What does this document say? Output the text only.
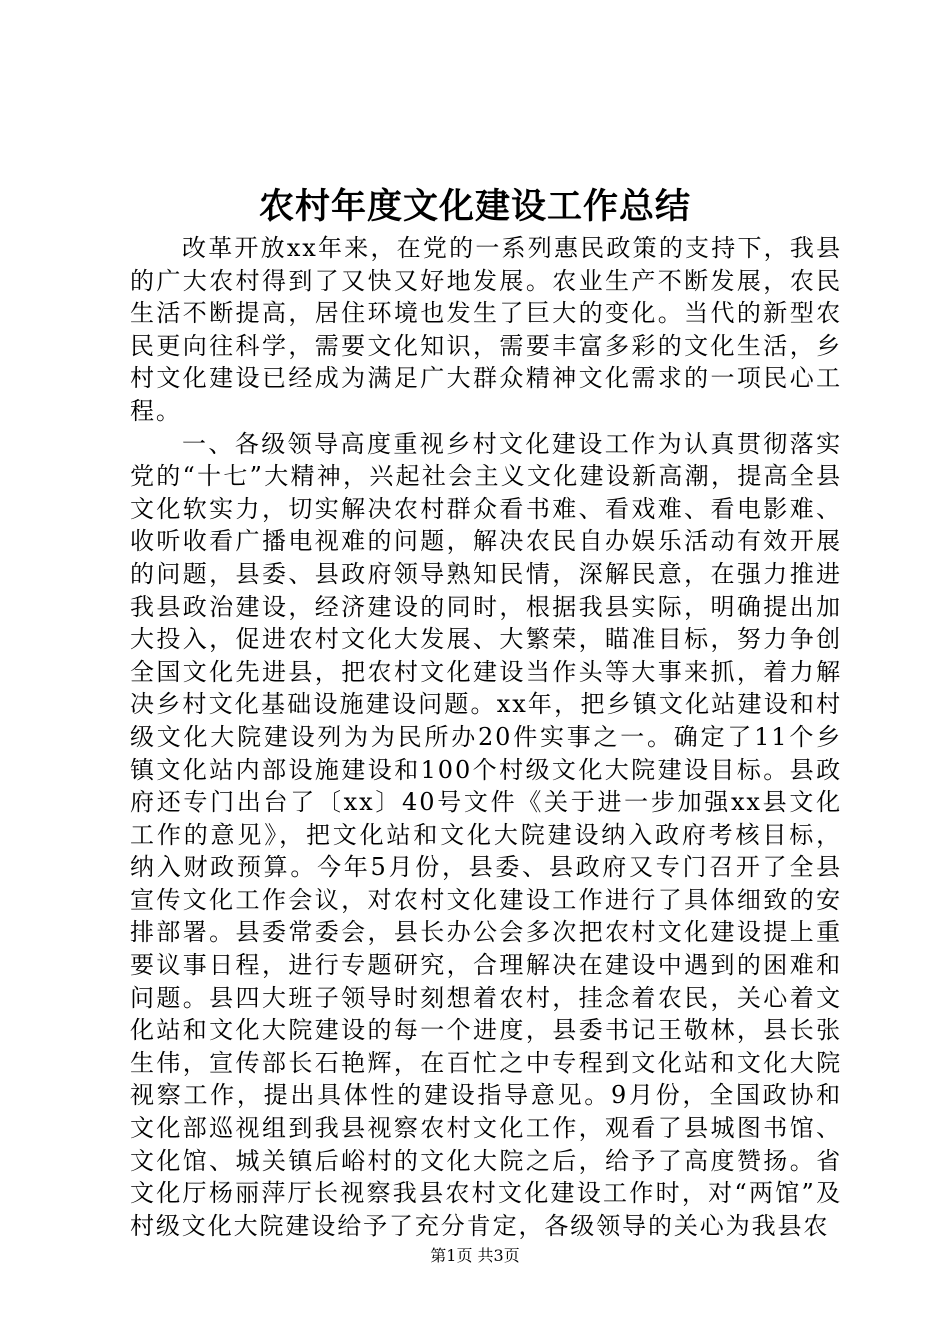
农村年度文化建设工作总结

改革开放xx年来，在党的一系列惠民政策的支持下，我县的广大农村得到了又快又好地发展。农业生产不断发展，农民生活不断提高，居住环境也发生了巨大的变化。当代的新型农民更向往科学，需要文化知识，需要丰富多彩的文化生活，乡村文化建设已经成为满足广大群众精神文化需求的一项民心工程。

一、各级领导高度重视乡村文化建设工作为认真贯彻落实党的“十七”大精神，兴起社会主义文化建设新高潮，提高全县文化软实力，切实解决农村群众看书难、看戏难、看电影难、收听收看广播电视难的问题，解决农民自办娱乐活动有效开展的问题，县委、县政府领导熟知民情，深解民意，在强力推进我县政治建设，经济建设的同时，根据我县实际，明确提出加大投入，促进农村文化大发展、大繁荣，瞄准目标，努力争创全国文化先进县，把农村文化建设当作头等大事来抓，着力解决乡村文化基础设施建设问题。xx年，把乡镇文化站建设和村级文化大院建设列为为民所办20件实事之一。确定了11个乡镇文化站内部设施建设和100个村级文化大院建设目标。县政府还专门出台了〔xx〕40号文件《关于进一步加强xx县文化工作的意见》，把文化站和文化大院建设纳入政府考核目标，纳入财政预算。今年5月份，县委、县政府又专门召开了全县宣传文化工作会议，对农村文化建设工作进行了具体细致的安排部署。县委常委会，县长办公会多次把农村文化建设提上重要议事日程，进行专题研究，合理解决在建设中遇到的困难和问题。县四大班子领导时刻想着农村，挂念着农民，关心着文化站和文化大院建设的每一个进度，县委书记王敬林，县长张生伟，宣传部长石艳辉，在百忙之中专程到文化站和文化大院视察工作，提出具体性的建设指导意见。9月份，全国政协和文化部巡视组到我县视察农村文化工作，观看了县城图书馆、文化馆、城关镇后峪村的文化大院之后，给予了高度赞扬。省文化厅杨丽萍厅长视察我县农村文化建设工作时，对“两馆”及村级文化大院建设给予了充分肯定，各级领导的关心为我县农

第1页 共3页
